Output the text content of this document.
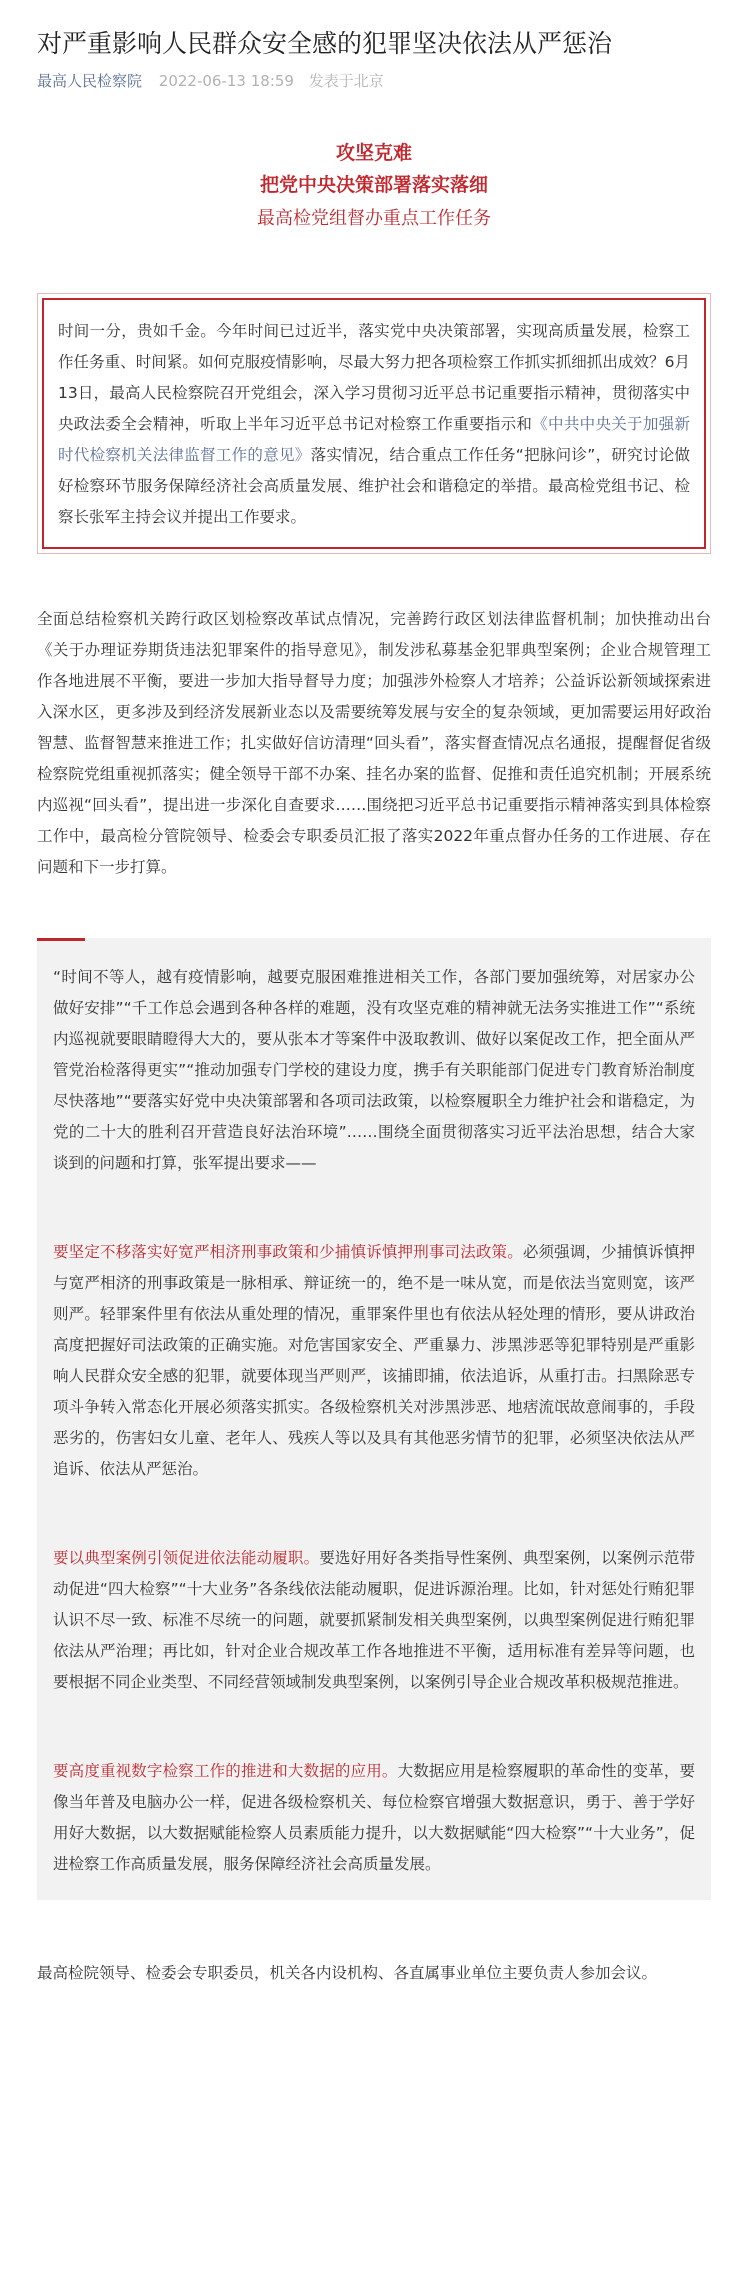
对严重影响人民群众安全感的犯罪坚决依法从严惩治
最高人民检察院 2022-06-13 18:59 发表于北京
攻坚克难
把党中央决策部署落实落细
最高检党组督办重点工作任务
时间一分，贵如千金。今年时间已过近半，落实党中央决策部署，实现高质量发展，检察工作任务重、时间紧。如何克服疫情影响，尽最大努力把各项检察工作抓实抓细抓出成效？6月13日，最高人民检察院召开党组会，深入学习贯彻习近平总书记重要指示精神，贯彻落实中央政法委全会精神，听取上半年习近平总书记对检察工作重要指示和《中共中央关于加强新时代检察机关法律监督工作的意见》落实情况，结合重点工作任务“把脉问诊”，研究讨论做好检察环节服务保障经济社会高质量发展、维护社会和谐稳定的举措。最高检党组书记、检察长张军主持会议并提出工作要求。

全面总结检察机关跨行政区划检察改革试点情况，完善跨行政区划法律监督机制；加快推动出台《关于办理证券期货违法犯罪案件的指导意见》，制发涉私募基金犯罪典型案例；企业合规管理工作各地进展不平衡，要进一步加大指导督导力度；加强涉外检察人才培养；公益诉讼新领域探索进入深水区，更多涉及到经济发展新业态以及需要统筹发展与安全的复杂领域，更加需要运用好政治智慧、监督智慧来推进工作；扎实做好信访清理“回头看”，落实督查情况点名通报，提醒督促省级检察院党组重视抓落实；健全领导干部不办案、挂名办案的监督、促推和责任追究机制；开展系统内巡视“回头看”，提出进一步深化自查要求……围绕把习近平总书记重要指示精神落实到具体检察工作中，最高检分管院领导、检委会专职委员汇报了落实2022年重点督办任务的工作进展、存在问题和下一步打算。

“时间不等人，越有疫情影响，越要克服困难推进相关工作，各部门要加强统筹，对居家办公做好安排”“千工作总会遇到各种各样的难题，没有攻坚克难的精神就无法务实推进工作”“系统内巡视就要眼睛瞪得大大的，要从张本才等案件中汲取教训、做好以案促改工作，把全面从严管党治检落得更实”“推动加强专门学校的建设力度，携手有关职能部门促进专门教育矫治制度尽快落地”“要落实好党中央决策部署和各项司法政策，以检察履职全力维护社会和谐稳定，为党的二十大的胜利召开营造良好法治环境”……围绕全面贯彻落实习近平法治思想，结合大家谈到的问题和打算，张军提出要求——

要坚定不移落实好宽严相济刑事政策和少捕慎诉慎押刑事司法政策。必须强调，少捕慎诉慎押与宽严相济的刑事政策是一脉相承、辩证统一的，绝不是一味从宽，而是依法当宽则宽，该严则严。轻罪案件里有依法从重处理的情况，重罪案件里也有依法从轻处理的情形，要从讲政治高度把握好司法政策的正确实施。对危害国家安全、严重暴力、涉黑涉恶等犯罪特别是严重影响人民群众安全感的犯罪，就要体现当严则严，该捕即捕，依法追诉，从重打击。扫黑除恶专项斗争转入常态化开展必须落实抓实。各级检察机关对涉黑涉恶、地痞流氓故意闹事的，手段恶劣的，伤害妇女儿童、老年人、残疾人等以及具有其他恶劣情节的犯罪，必须坚决依法从严追诉、依法从严惩治。

要以典型案例引领促进依法能动履职。要选好用好各类指导性案例、典型案例，以案例示范带动促进“四大检察”“十大业务”各条线依法能动履职，促进诉源治理。比如，针对惩处行贿犯罪认识不尽一致、标准不尽统一的问题，就要抓紧制发相关典型案例，以典型案例促进行贿犯罪依法从严治理；再比如，针对企业合规改革工作各地推进不平衡，适用标准有差异等问题，也要根据不同企业类型、不同经营领域制发典型案例，以案例引导企业合规改革积极规范推进。

要高度重视数字检察工作的推进和大数据的应用。大数据应用是检察履职的革命性的变革，要像当年普及电脑办公一样，促进各级检察机关、每位检察官增强大数据意识，勇于、善于学好用好大数据，以大数据赋能检察人员素质能力提升，以大数据赋能“四大检察”“十大业务”，促进检察工作高质量发展，服务保障经济社会高质量发展。

最高检院领导、检委会专职委员，机关各内设机构、各直属事业单位主要负责人参加会议。
